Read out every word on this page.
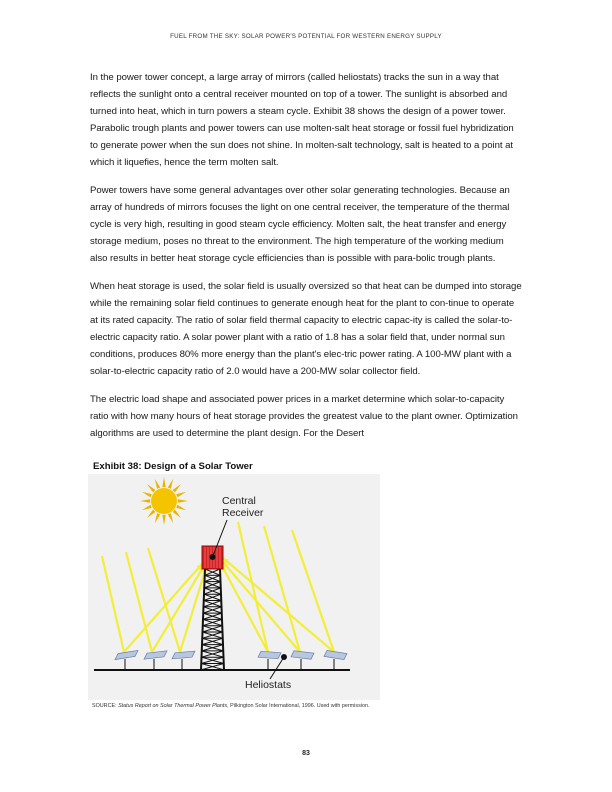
FUEL FROM THE SKY: SOLAR POWER'S POTENTIAL FOR WESTERN ENERGY SUPPLY

In the power tower concept, a large array of mirrors (called heliostats) tracks the sun in a way that reflects the sunlight onto a central receiver mounted on top of a tower. The sunlight is absorbed and turned into heat, which in turn powers a steam cycle. Exhibit 38 shows the design of a power tower. Parabolic trough plants and power towers can use molten-salt heat storage or fossil fuel hybridization to generate power when the sun does not shine. In molten-salt technology, salt is heated to a point at which it liquefies, hence the term molten salt.

Power towers have some general advantages over other solar generating technologies. Because an array of hundreds of mirrors focuses the light on one central receiver, the temperature of the thermal cycle is very high, resulting in good steam cycle efficiency. Molten salt, the heat transfer and energy storage medium, poses no threat to the environment. The high temperature of the working medium also results in better heat storage cycle efficiencies than is possible with para-bolic trough plants.

When heat storage is used, the solar field is usually oversized so that heat can be dumped into storage while the remaining solar field continues to generate enough heat for the plant to con-tinue to operate at its rated capacity. The ratio of solar field thermal capacity to electric capac-ity is called the solar-to-electric capacity ratio. A solar power plant with a ratio of 1.8 has a solar field that, under normal sun conditions, produces 80% more energy than the plant's elec-tric power rating. A 100-MW plant with a solar-to-electric capacity ratio of 2.0 would have a 200-MW solar collector field.

The electric load shape and associated power prices in a market determine which solar-to-capacity ratio with how many hours of heat storage provides the greatest value to the plant owner. Optimization algorithms are used to determine the plant design. For the Desert

Exhibit 38: Design of a Solar Tower
Central
Receiver
Heliostats
SOURCE: Status Report on Solar Thermal Power Plants, Pilkington Solar International, 1996. Used with permission.
83
